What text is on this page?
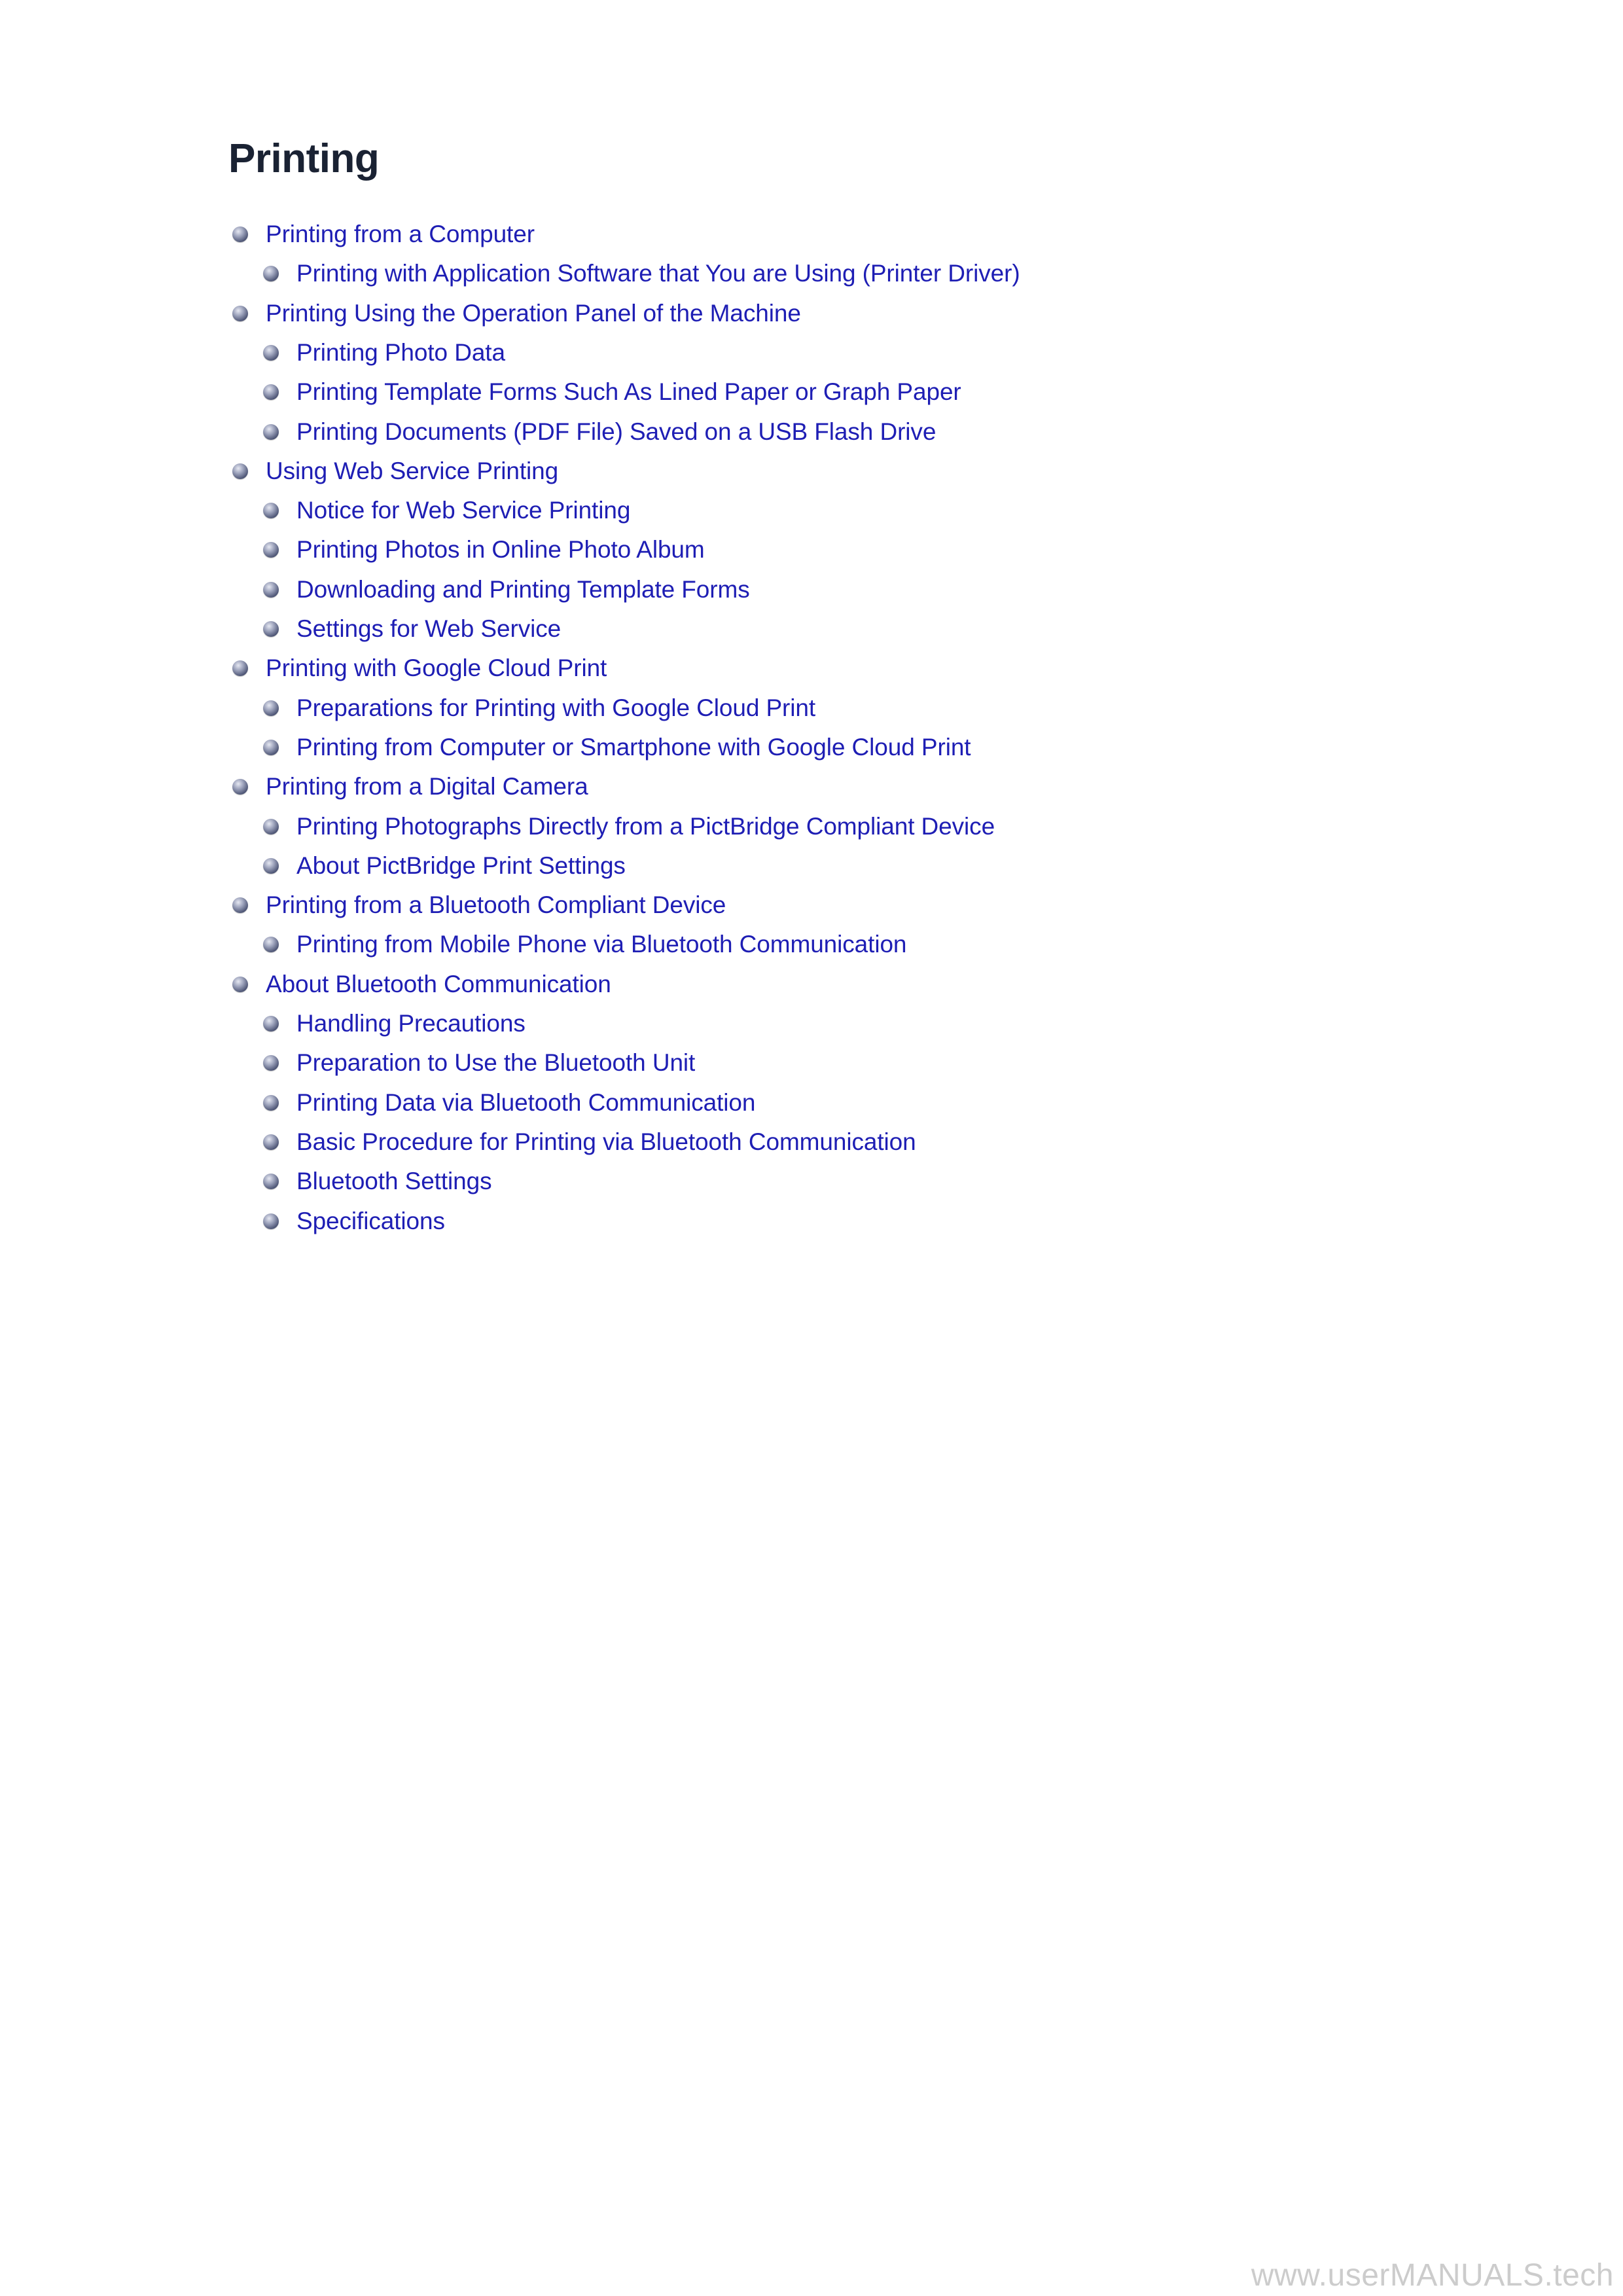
Printing
Printing from a Computer
Printing with Application Software that You are Using (Printer Driver)
Printing Using the Operation Panel of the Machine
Printing Photo Data
Printing Template Forms Such As Lined Paper or Graph Paper
Printing Documents (PDF File) Saved on a USB Flash Drive
Using Web Service Printing
Notice for Web Service Printing
Printing Photos in Online Photo Album
Downloading and Printing Template Forms
Settings for Web Service
Printing with Google Cloud Print
Preparations for Printing with Google Cloud Print
Printing from Computer or Smartphone with Google Cloud Print
Printing from a Digital Camera
Printing Photographs Directly from a PictBridge Compliant Device
About PictBridge Print Settings
Printing from a Bluetooth Compliant Device
Printing from Mobile Phone via Bluetooth Communication
About Bluetooth Communication
Handling Precautions
Preparation to Use the Bluetooth Unit
Printing Data via Bluetooth Communication
Basic Procedure for Printing via Bluetooth Communication
Bluetooth Settings
Specifications
www.userMANUALS.tech
